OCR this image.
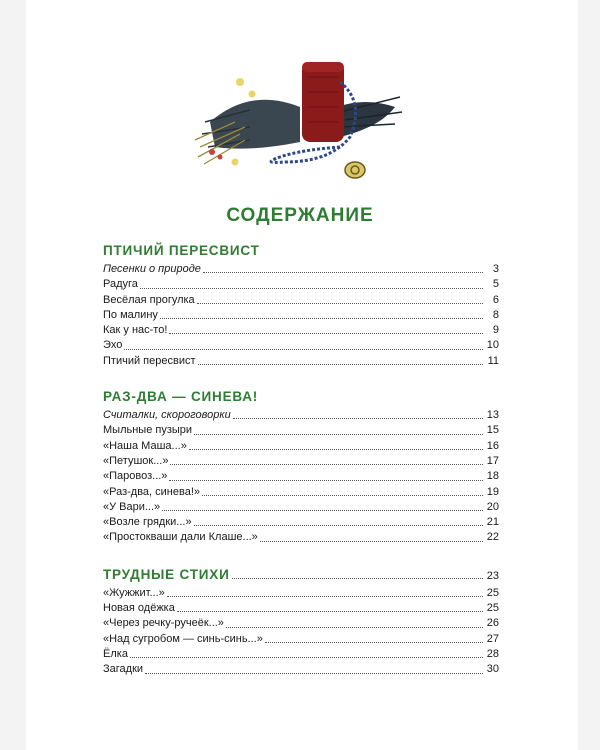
СОДЕРЖАНИЕ
ПТИЧИЙ ПЕРЕСВИСТ
Песенки о природе	3
Радуга	5
Весёлая прогулка	6
По малину	8
Как у нас-то!	9
Эхо	10
Птичий пересвист	11
РАЗ-ДВА — СИНЕВА!
Считалки, скороговорки	13
Мыльные пузыри	15
«Наша Маша...»	16
«Петушок...»	17
«Паровоз...»	18
«Раз-два, синева!»	19
«У Вари...»	20
«Возле грядки...»	21
«Простокваши дали Клаше...»	22
ТРУДНЫЕ СТИХИ	23
«Жужжит...»	25
Новая одёжка	25
«Через речку-ручеёк...»	26
«Над сугробом — синь-синь...»	27
Ёлка	28
Загадки	30
